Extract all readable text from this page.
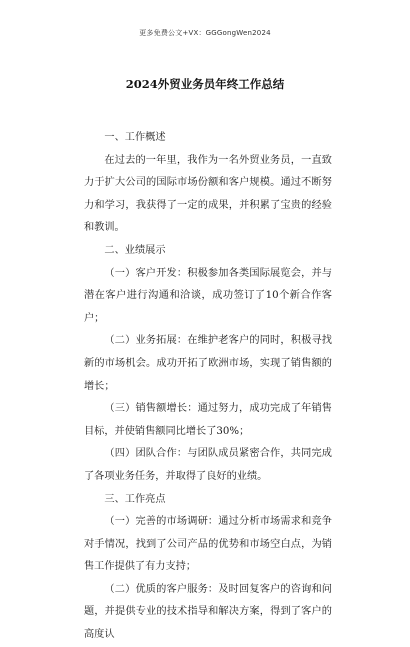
更多免费公文+VX：GGGongWen2024
2024外贸业务员年终工作总结

一、工作概述

在过去的一年里，我作为一名外贸业务员，一直致力于扩大公司的国际市场份额和客户规模。通过不断努力和学习，我获得了一定的成果，并积累了宝贵的经验和教训。

二、业绩展示

（一）客户开发：积极参加各类国际展览会，并与潜在客户进行沟通和洽谈，成功签订了10个新合作客户；

（二）业务拓展：在维护老客户的同时，积极寻找新的市场机会。成功开拓了欧洲市场，实现了销售额的增长；

（三）销售额增长：通过努力，成功完成了年销售目标，并使销售额同比增长了30%；

（四）团队合作：与团队成员紧密合作，共同完成了各项业务任务，并取得了良好的业绩。

三、工作亮点

（一）完善的市场调研：通过分析市场需求和竞争对手情况，找到了公司产品的优势和市场空白点，为销售工作提供了有力支持；

（二）优质的客户服务：及时回复客户的咨询和问题，并提供专业的技术指导和解决方案，得到了客户的高度认
